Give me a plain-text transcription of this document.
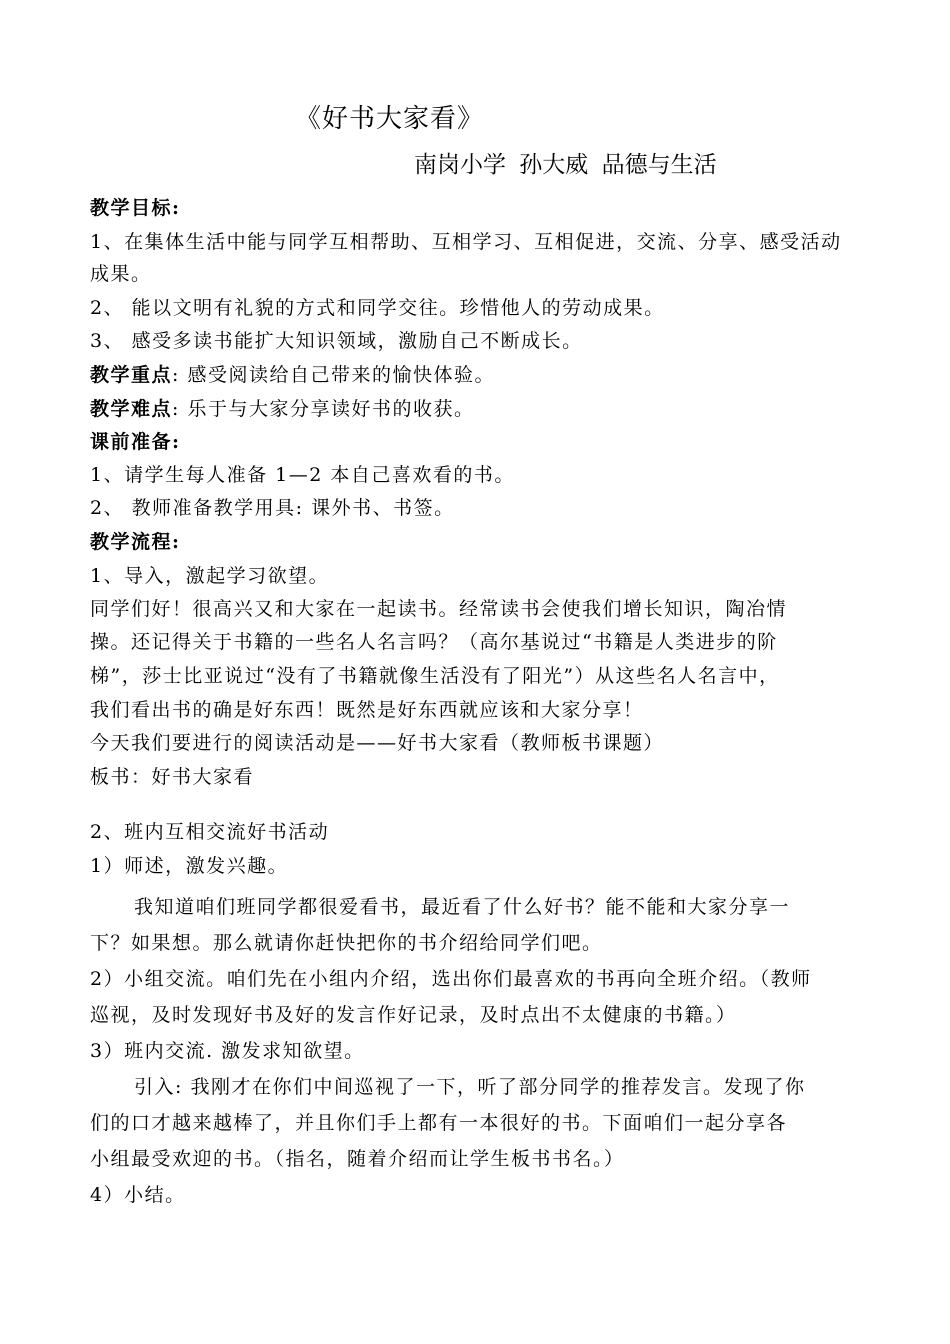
《好书大家看》
南岗小学 孙大威 品德与生活
教学目标:
1、在集体生活中能与同学互相帮助、互相学习、互相促进，交流、分享、感受活动
成果。
2、 能以文明有礼貌的方式和同学交往。珍惜他人的劳动成果。
3、 感受多读书能扩大知识领域，激励自己不断成长。
教学重点: 感受阅读给自己带来的愉快体验。
教学难点: 乐于与大家分享读好书的收获。
课前准备:
1、请学生每人准备 1—2 本自己喜欢看的书。
2、 教师准备教学用具: 课外书、书签。
教学流程:
1、导入，激起学习欲望。
同学们好！很高兴又和大家在一起读书。经常读书会使我们增长知识，陶冶情
操。还记得关于书籍的一些名人名言吗？（高尔基说过“书籍是人类进步的阶
梯”，莎士比亚说过“没有了书籍就像生活没有了阳光”）从这些名人名言中，
我们看出书的确是好东西！既然是好东西就应该和大家分享！
今天我们要进行的阅读活动是——好书大家看（教师板书课题）
板书：好书大家看
2、班内互相交流好书活动
1）师述，激发兴趣。
我知道咱们班同学都很爱看书，最近看了什么好书？能不能和大家分享一
下？如果想。那么就请你赶快把你的书介绍给同学们吧。
2）小组交流。咱们先在小组内介绍，选出你们最喜欢的书再向全班介绍。（教师
巡视，及时发现好书及好的发言作好记录，及时点出不太健康的书籍。）
3）班内交流. 激发求知欲望。
引入: 我刚才在你们中间巡视了一下，听了部分同学的推荐发言。发现了你
们的口才越来越棒了，并且你们手上都有一本很好的书。下面咱们一起分享各
小组最受欢迎的书。（指名，随着介绍而让学生板书书名。）
4）小结。
